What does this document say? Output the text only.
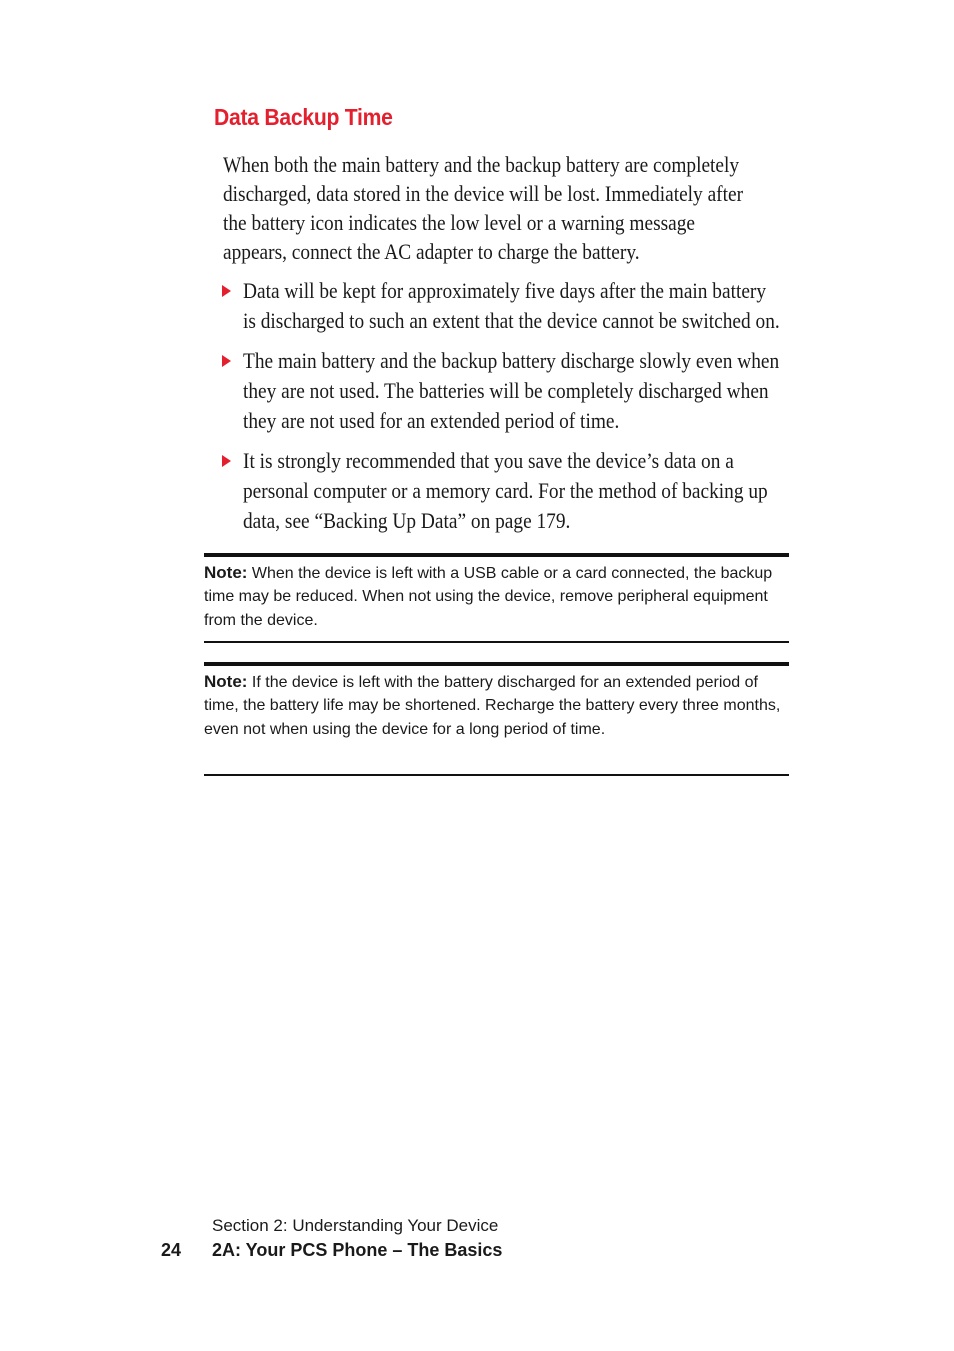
Data Backup Time
When both the main battery and the backup battery are completely discharged, data stored in the device will be lost. Immediately after the battery icon indicates the low level or a warning message appears, connect the AC adapter to charge the battery.
Data will be kept for approximately five days after the main battery is discharged to such an extent that the device cannot be switched on.
The main battery and the backup battery discharge slowly even when they are not used. The batteries will be completely discharged when they are not used for an extended period of time.
It is strongly recommended that you save the device’s data on a personal computer or a memory card. For the method of backing up data, see “Backing Up Data” on page 179.
Note: When the device is left with a USB cable or a card connected, the backup time may be reduced. When not using the device, remove peripheral equipment from the device.
Note: If the device is left with the battery discharged for an extended period of time, the battery life may be shortened. Recharge the battery every three months, even not when using the device for a long period of time.
Section 2: Understanding Your Device
24 2A: Your PCS Phone – The Basics
